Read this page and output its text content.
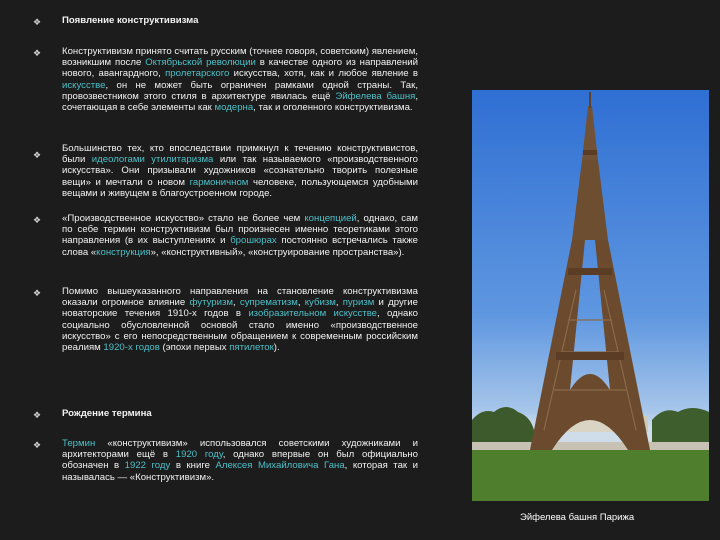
❖ Появление конструктивизма
❖ Конструктивизм принято считать русским (точнее говоря, советским) явлением, возникшим после Октябрьской революции в качестве одного из направлений нового, авангардного, пролетарского искусства, хотя, как и любое явление в искусстве, он не может быть ограничен рамками одной страны. Так, провозвестником этого стиля в архитектуре явилась ещё Эйфелева башня, сочетающая в себе элементы как модерна, так и оголенного конструктивизма.
❖
Большинство тех, кто впоследствии примкнул к течению конструктивистов, были идеологами утилитаризма или так называемого «производственного искусства». Они призывали художников «сознательно творить полезные вещи» и мечтали о новом гармоничном человеке, пользующемся удобными вещами и живущем в благоустроенном городе.
❖ «Производственное искусство» стало не более чем концепцией, однако, сам по себе термин конструктивизм был произнесен именно теоретиками этого направления (в их выступлениях и брошюрах постоянно встречались также слова «конструкция», «конструктивный», «конструирование пространства»).
❖ Помимо вышеуказанного направления на становление конструктивизма оказали огромное влияние футуризм, супрематизм, кубизм, пуризм и другие новаторские течения 1910-х годов в изобразительном искусстве, однако социально обусловленной основой стало именно «производственное искусство» с его непосредственным обращением к современным российским реалиям 1920-х годов (эпохи первых пятилеток).
❖ Рождение термина
❖ Термин «конструктивизм» использовался советскими художниками и архитекторами ещё в 1920 году, однако впервые он был официально обозначен в 1922 году в книге Алексея Михайловича Гана, которая так и называлась — «Конструктивизм».
Эйфелева башня Парижа
